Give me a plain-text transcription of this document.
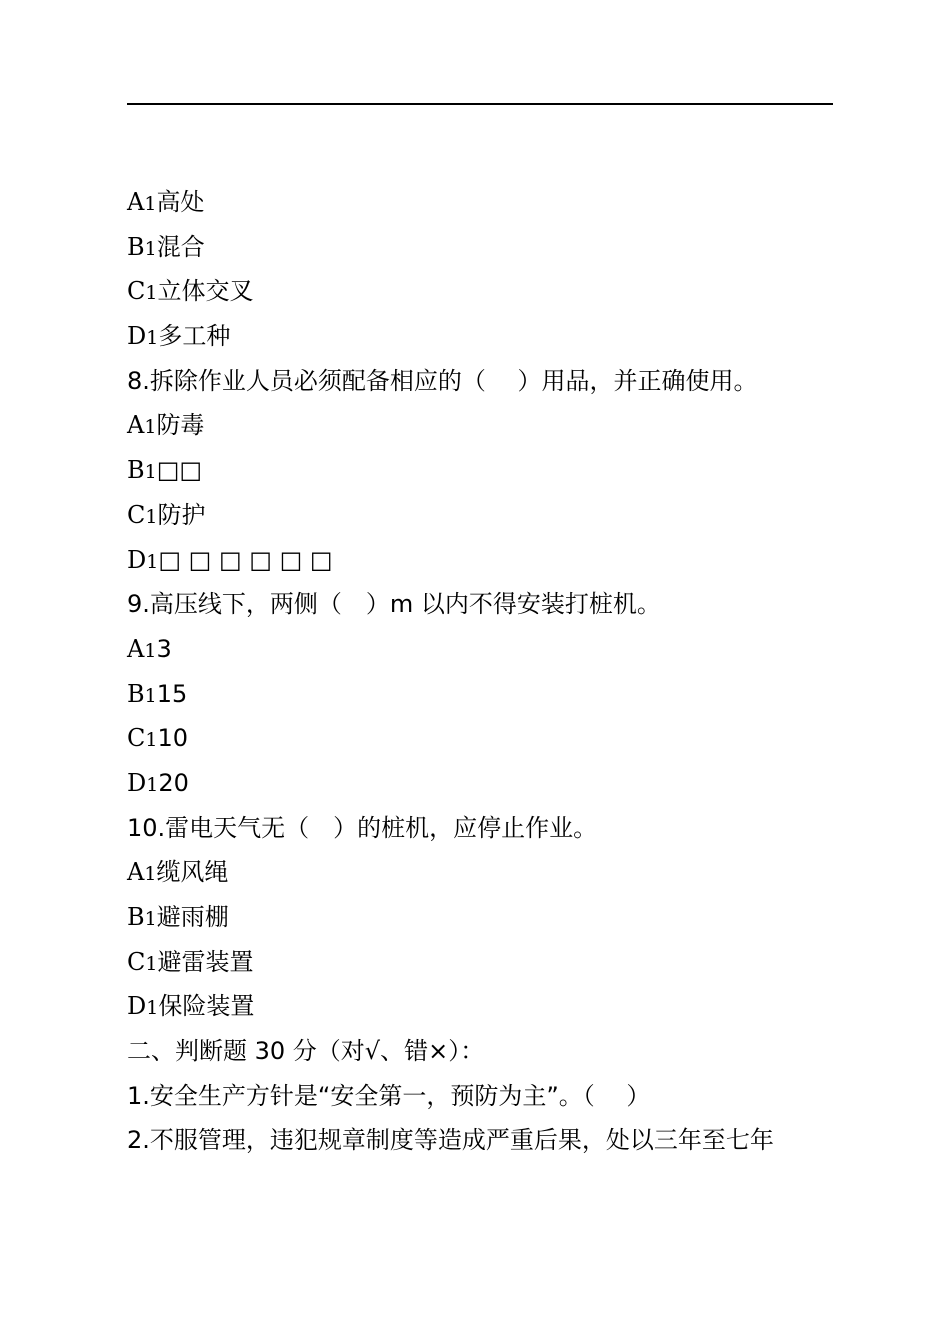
A1高处
B1混合
C1立体交叉
D1多工种
8.拆除作业人员必须配备相应的（　 ）用品，并正确使用。
A1防毒
B1□□
C1防护
D1□ □ □ □ □ □
9.高压线下，两侧（　）m 以内不得安装打桩机。
A13
B115
C110
D120
10.雷电天气无（　）的桩机，应停止作业。
A1缆风绳
B1避雨棚
C1避雷装置
D1保险装置
二、判断题 30 分（对√、错×）：
1.安全生产方针是“安全第一，预防为主”。（　 ）
2.不服管理，违犯规章制度等造成严重后果，处以三年至七年
